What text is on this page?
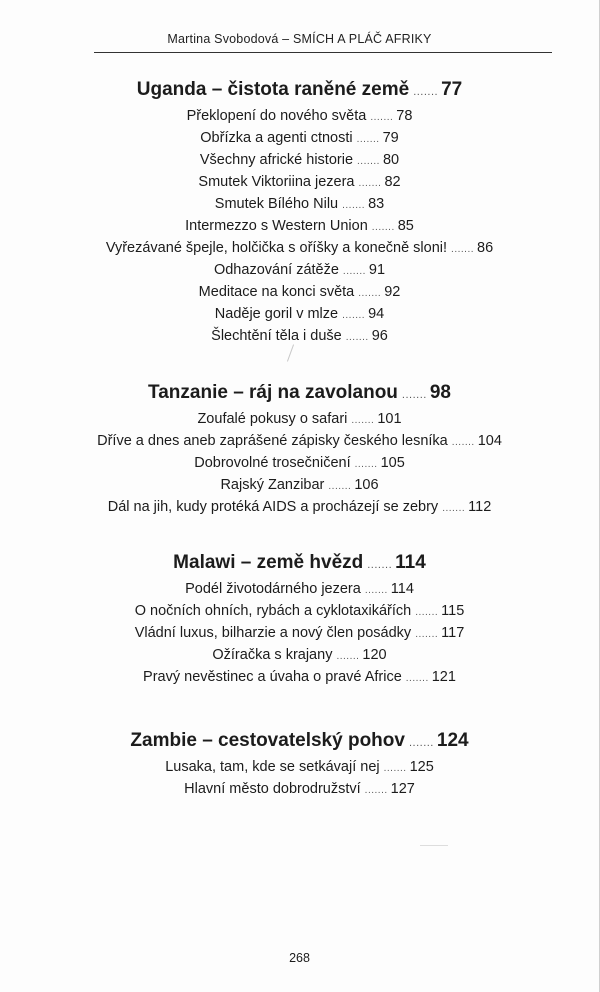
Martina Svobodová – SMÍCH A PLÁČ AFRIKY
Uganda – čistota raněné země ....... 77
Překlopení do nového světa ....... 78
Obřízka a agenti ctnosti ....... 79
Všechny africké historie ....... 80
Smutek Viktoriina jezera ....... 82
Smutek Bílého Nilu ....... 83
Intermezzo s Western Union ....... 85
Vyřezávané špejle, holčička s oříšky a konečně sloni! ....... 86
Odhazování zátěže ....... 91
Meditace na konci světa ....... 92
Naděje goril v mlze ....... 94
Šlechtění těla i duše ....... 96
Tanzanie – ráj na zavolanou ....... 98
Zoufalé pokusy o safari ....... 101
Dříve a dnes aneb zaprášené zápisky českého lesníka ....... 104
Dobrovolné trosečničení ....... 105
Rajský Zanzibar ....... 106
Dál na jih, kudy protéká AIDS a procházejí se zebry ....... 112
Malawi – země hvězd ....... 114
Podél životodárného jezera ....... 114
O nočních ohních, rybách a cyklotaxikářích ....... 115
Vládní luxus, bilharzie a nový člen posádky ....... 117
Ožíračka s krajany ....... 120
Pravý nevěstinec a úvaha o pravé Africe ....... 121
Zambie – cestovatelský pohov ....... 124
Lusaka, tam, kde se setkávají nej ....... 125
Hlavní město dobrodružství ....... 127
268
